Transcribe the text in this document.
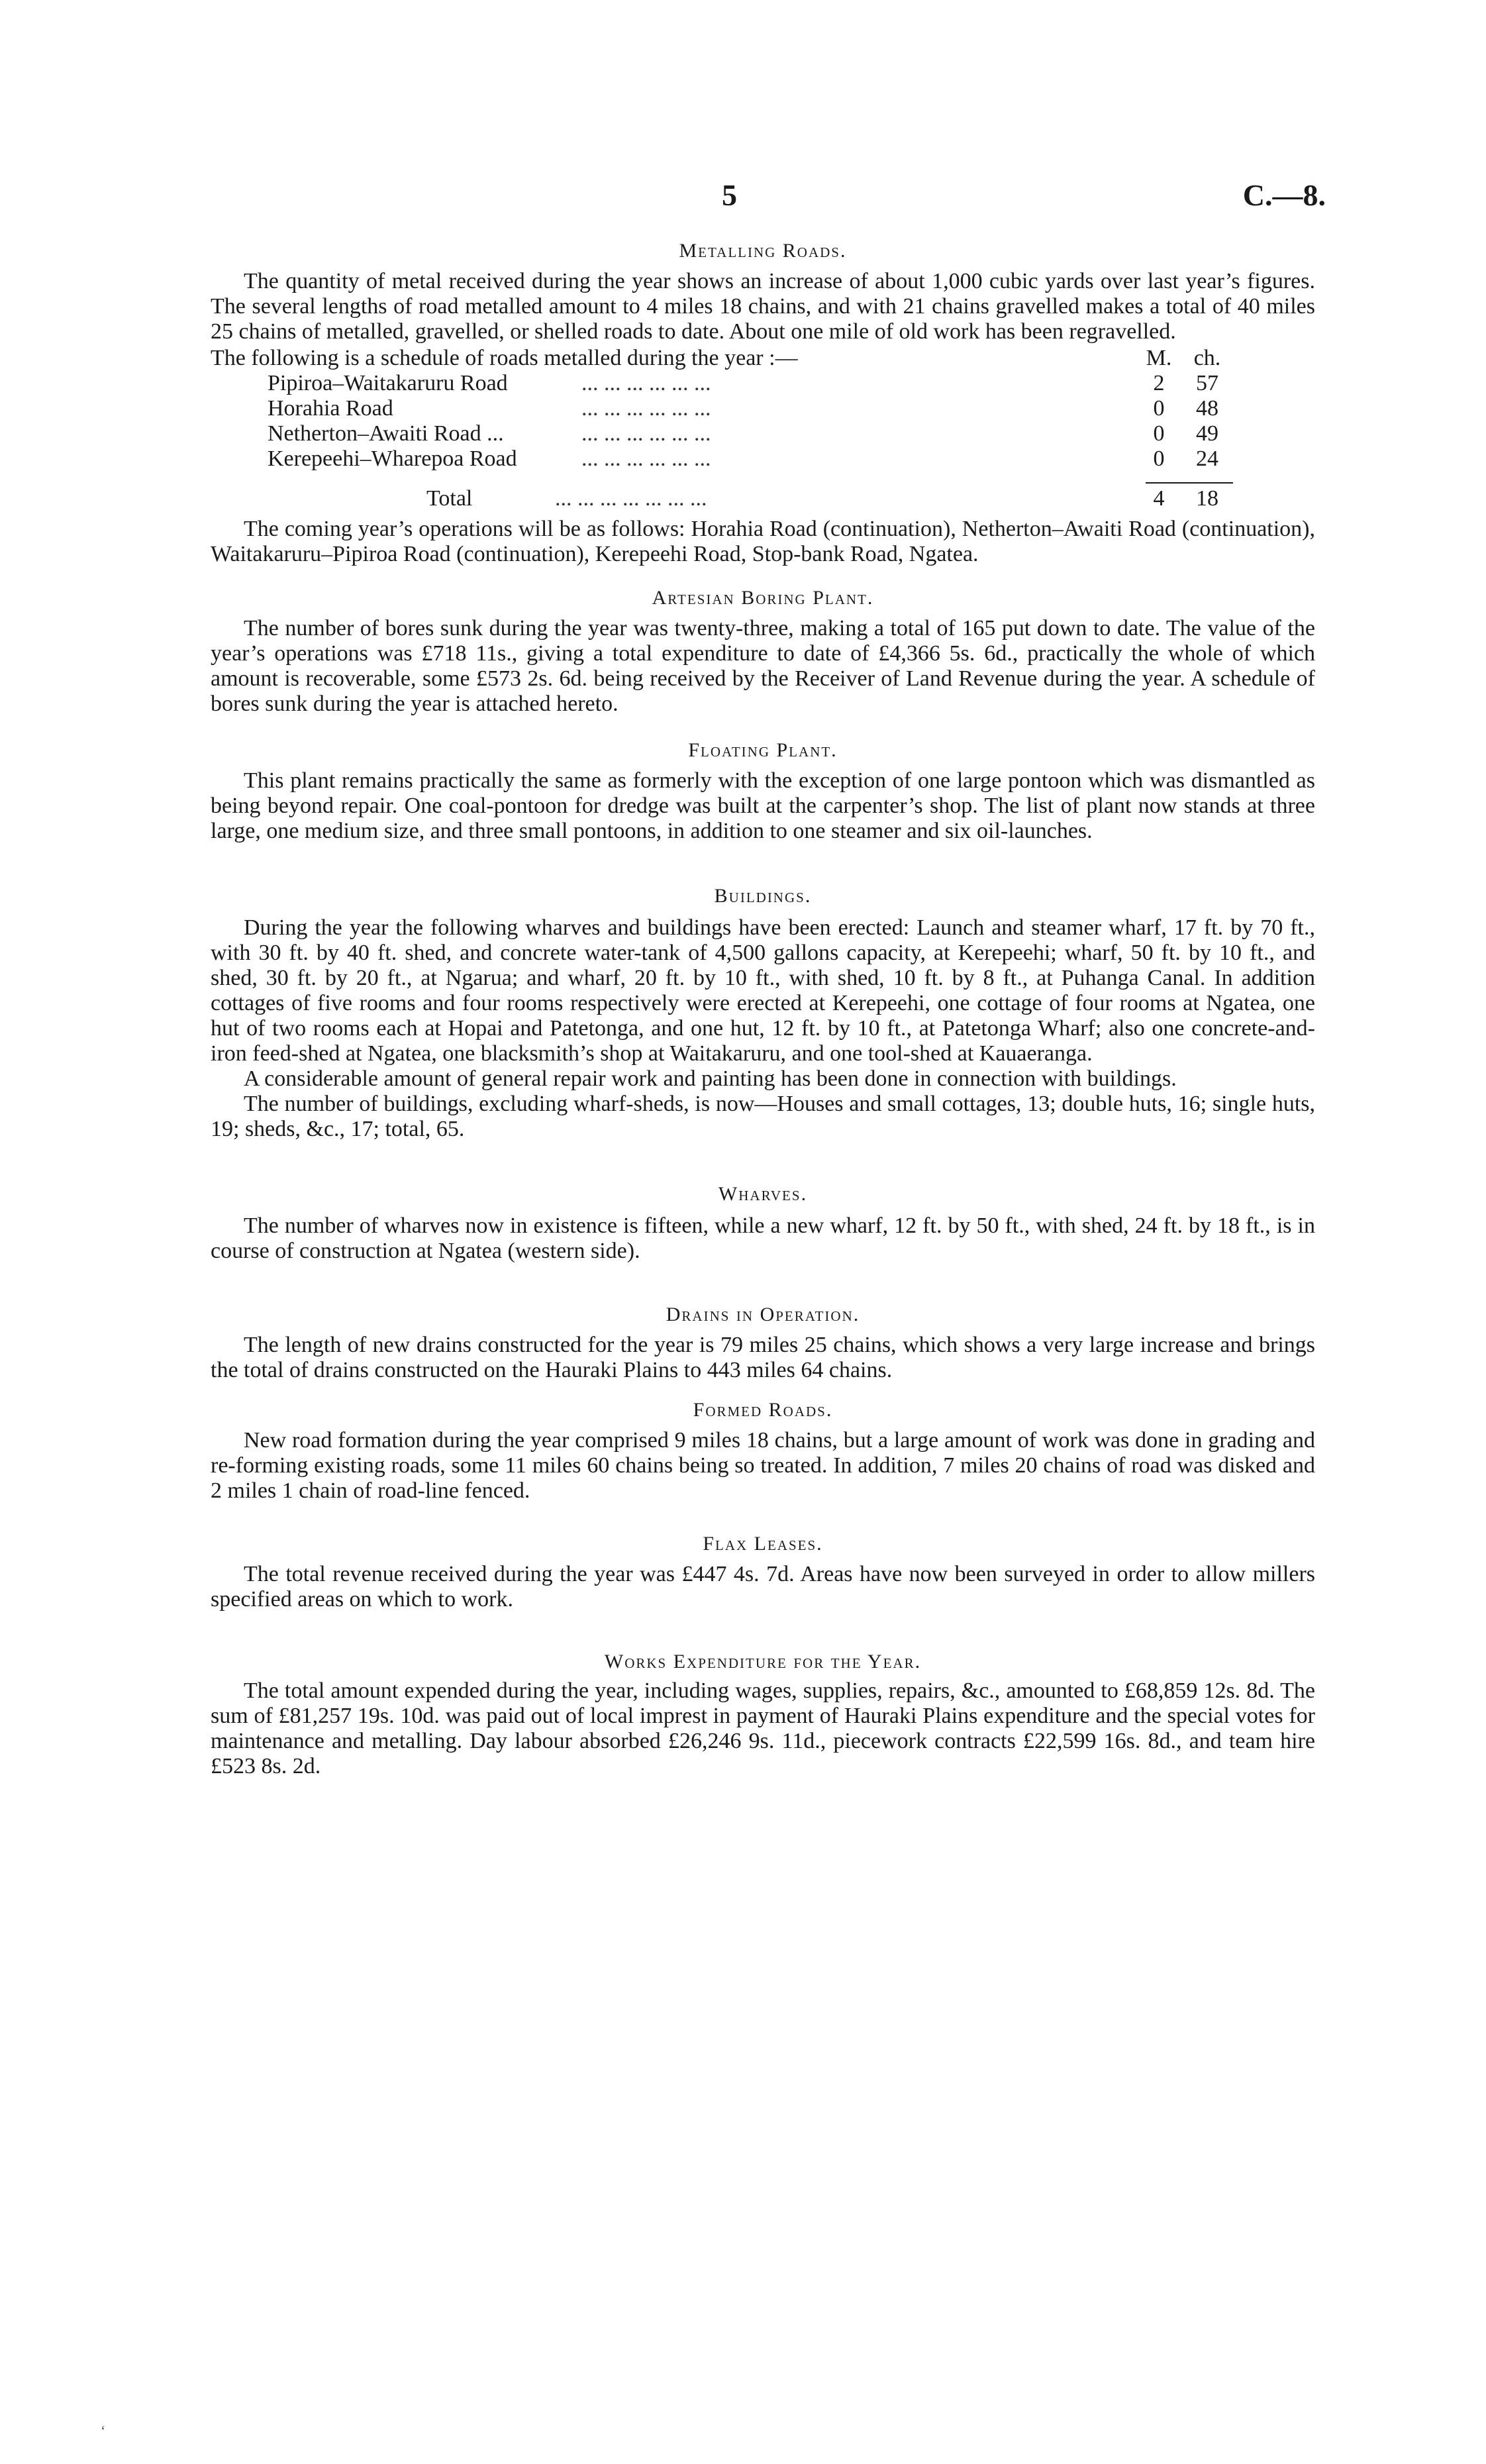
5	C.—8.
Metalling Roads.

The quantity of metal received during the year shows an increase of about 1,000 cubic yards over last year’s figures. The several lengths of road metalled amount to 4 miles 18 chains, and with 21 chains gravelled makes a total of 40 miles 25 chains of metalled, gravelled, or shelled roads to date. About one mile of old work has been regravelled.

The following is a schedule of roads metalled during the year :—	M. ch.
Pipiroa–Waitakaruru Road	... ... ... ... ... ...	2	57
Horahia Road	... ... ... ... ... ...	0	48
Netherton–Awaiti Road ...	... ... ... ... ... ...	0	49
Kerepeehi–Wharepoa Road	... ... ... ... ... ...	0	24
Total	... ... ... ... ... ... ...	4	18

The coming year’s operations will be as follows: Horahia Road (continuation), Netherton–Awaiti Road (continuation), Waitakaruru–Pipiroa Road (continuation), Kerepeehi Road, Stop-bank Road, Ngatea.

Artesian Boring Plant.

The number of bores sunk during the year was twenty-three, making a total of 165 put down to date. The value of the year’s operations was £718 11s., giving a total expenditure to date of £4,366 5s. 6d., practically the whole of which amount is recoverable, some £573 2s. 6d. being received by the Receiver of Land Revenue during the year. A schedule of bores sunk during the year is attached hereto.

Floating Plant.

This plant remains practically the same as formerly with the exception of one large pontoon which was dismantled as being beyond repair. One coal-pontoon for dredge was built at the carpenter’s shop. The list of plant now stands at three large, one medium size, and three small pontoons, in addition to one steamer and six oil-launches.

Buildings.

During the year the following wharves and buildings have been erected: Launch and steamer wharf, 17 ft. by 70 ft., with 30 ft. by 40 ft. shed, and concrete water-tank of 4,500 gallons capacity, at Kerepeehi; wharf, 50 ft. by 10 ft., and shed, 30 ft. by 20 ft., at Ngarua; and wharf, 20 ft. by 10 ft., with shed, 10 ft. by 8 ft., at Puhanga Canal. In addition cottages of five rooms and four rooms respectively were erected at Kerepeehi, one cottage of four rooms at Ngatea, one hut of two rooms each at Hopai and Patetonga, and one hut, 12 ft. by 10 ft., at Patetonga Wharf; also one concrete-and-iron feed-shed at Ngatea, one blacksmith’s shop at Waitakaruru, and one tool-shed at Kauaeranga.

A considerable amount of general repair work and painting has been done in connection with buildings.

The number of buildings, excluding wharf-sheds, is now—Houses and small cottages, 13; double huts, 16; single huts, 19; sheds, &c., 17; total, 65.

Wharves.

The number of wharves now in existence is fifteen, while a new wharf, 12 ft. by 50 ft., with shed, 24 ft. by 18 ft., is in course of construction at Ngatea (western side).

Drains in Operation.

The length of new drains constructed for the year is 79 miles 25 chains, which shows a very large increase and brings the total of drains constructed on the Hauraki Plains to 443 miles 64 chains.

Formed Roads.

New road formation during the year comprised 9 miles 18 chains, but a large amount of work was done in grading and re-forming existing roads, some 11 miles 60 chains being so treated. In addition, 7 miles 20 chains of road was disked and 2 miles 1 chain of road-line fenced.

Flax Leases.

The total revenue received during the year was £447 4s. 7d. Areas have now been surveyed in order to allow millers specified areas on which to work.

Works Expenditure for the Year.

The total amount expended during the year, including wages, supplies, repairs, &c., amounted to £68,859 12s. 8d. The sum of £81,257 19s. 10d. was paid out of local imprest in payment of Hauraki Plains expenditure and the special votes for maintenance and metalling. Day labour absorbed £26,246 9s. 11d., piecework contracts £22,599 16s. 8d., and team hire £523 8s. 2d.

‘
